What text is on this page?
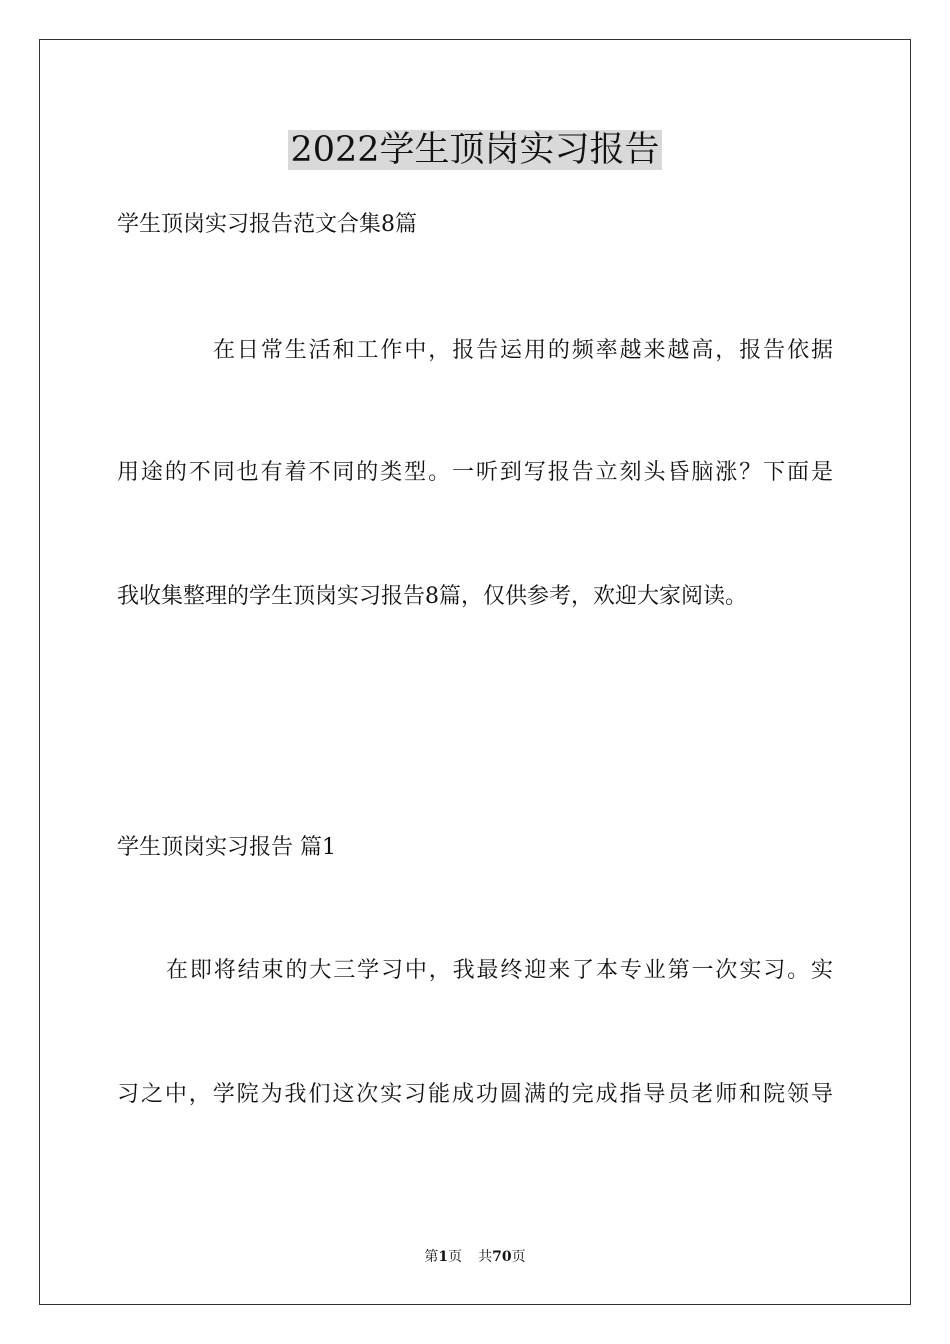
2022学生顶岗实习报告
学生顶岗实习报告范文合集8篇
在日常生活和工作中，报告运用的频率越来越高，报告依据
用途的不同也有着不同的类型。一听到写报告立刻头昏脑涨？下面是
我收集整理的学生顶岗实习报告8篇，仅供参考，欢迎大家阅读。
学生顶岗实习报告 篇1
在即将结束的大三学习中，我最终迎来了本专业第一次实习。实
习之中，学院为我们这次实习能成功圆满的完成指导员老师和院领导
第1页 共70页
